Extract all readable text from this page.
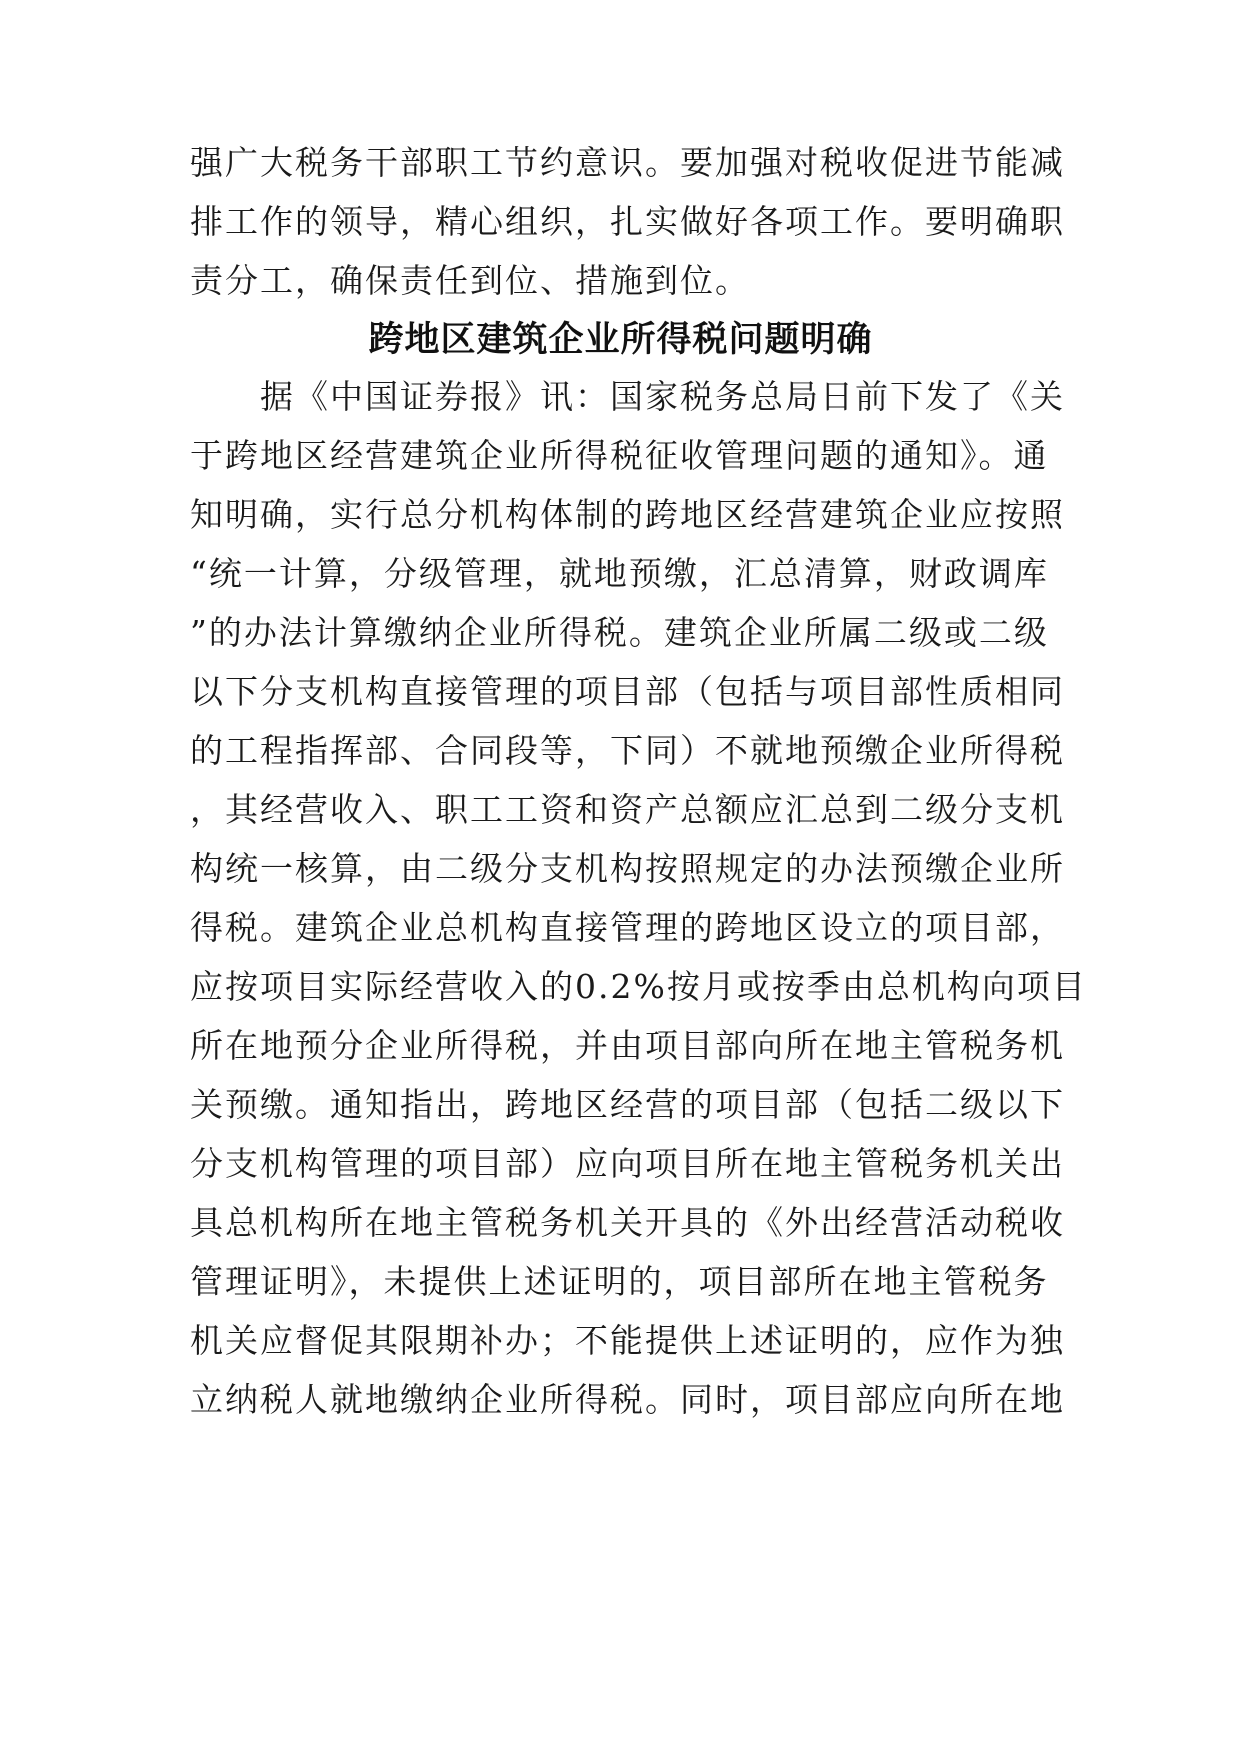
强广大税务干部职工节约意识。要加强对税收促进节能减
排工作的领导，精心组织，扎实做好各项工作。要明确职
责分工，确保责任到位、措施到位。
跨地区建筑企业所得税问题明确
　　据《中国证券报》讯：国家税务总局日前下发了《关
于跨地区经营建筑企业所得税征收管理问题的通知》。通
知明确，实行总分机构体制的跨地区经营建筑企业应按照
“统一计算，分级管理，就地预缴，汇总清算，财政调库
”的办法计算缴纳企业所得税。建筑企业所属二级或二级
以下分支机构直接管理的项目部（包括与项目部性质相同
的工程指挥部、合同段等，下同）不就地预缴企业所得税
，其经营收入、职工工资和资产总额应汇总到二级分支机
构统一核算，由二级分支机构按照规定的办法预缴企业所
得税。建筑企业总机构直接管理的跨地区设立的项目部，
应按项目实际经营收入的0.2%按月或按季由总机构向项目
所在地预分企业所得税，并由项目部向所在地主管税务机
关预缴。通知指出，跨地区经营的项目部（包括二级以下
分支机构管理的项目部）应向项目所在地主管税务机关出
具总机构所在地主管税务机关开具的《外出经营活动税收
管理证明》，未提供上述证明的，项目部所在地主管税务
机关应督促其限期补办；不能提供上述证明的，应作为独
立纳税人就地缴纳企业所得税。同时，项目部应向所在地
